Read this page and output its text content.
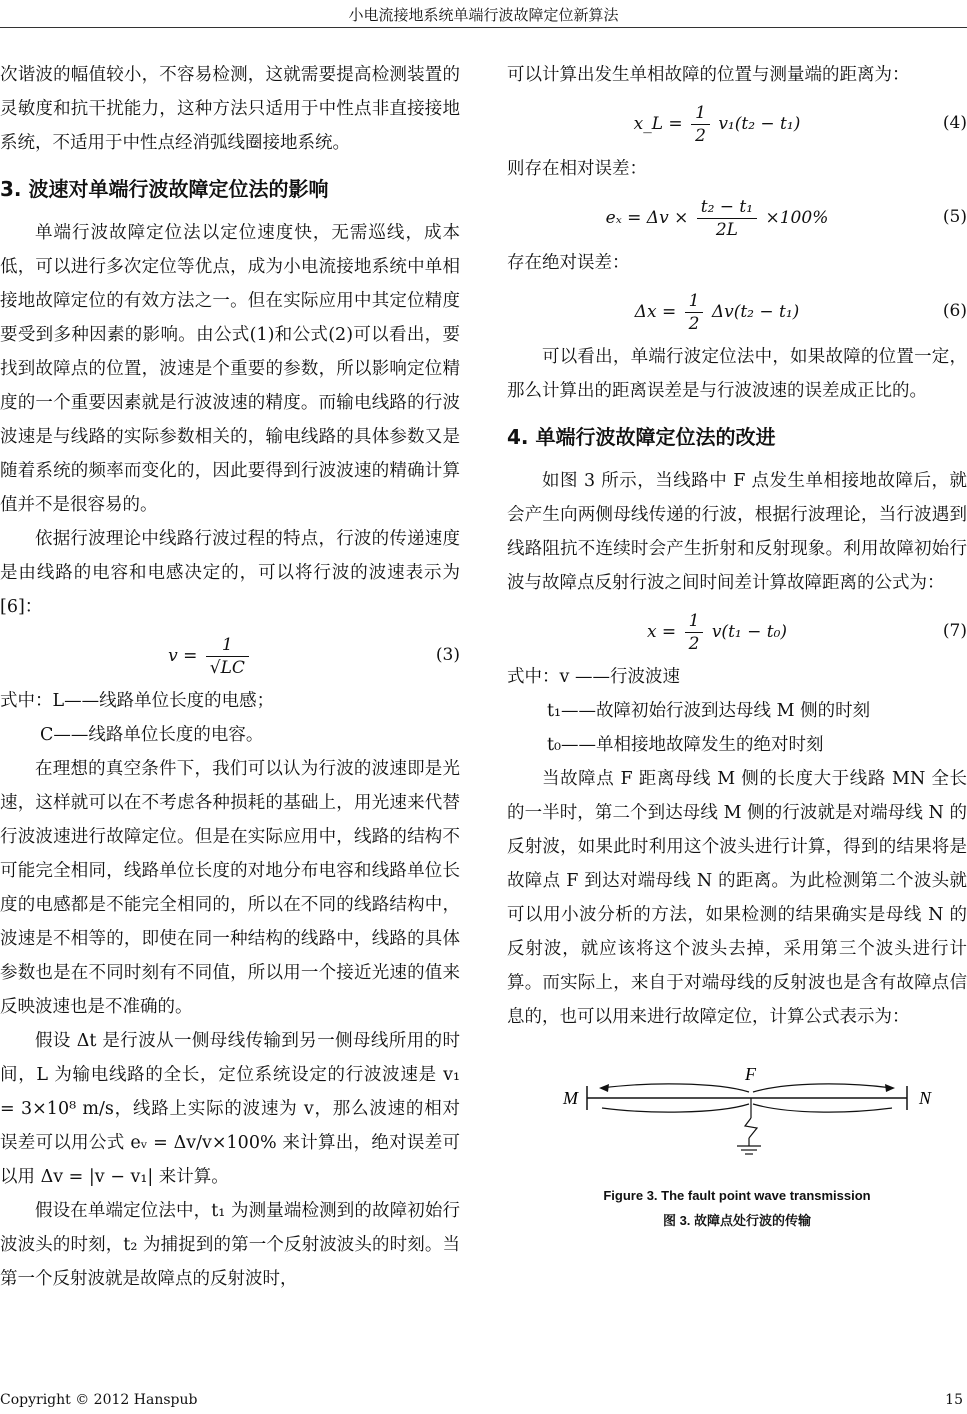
小电流接地系统单端行波故障定位新算法

次谐波的幅值较小，不容易检测，这就需要提高检测装置的灵敏度和抗干扰能力，这种方法只适用于中性点非直接接地系统，不适用于中性点经消弧线圈接地系统。

3. 波速对单端行波故障定位法的影响

单端行波故障定位法以定位速度快，无需巡线，成本低，可以进行多次定位等优点，成为小电流接地系统中单相接地故障定位的有效方法之一。但在实际应用中其定位精度要受到多种因素的影响。由公式(1)和公式(2)可以看出，要找到故障点的位置，波速是个重要的参数，所以影响定位精度的一个重要因素就是行波波速的精度。而输电线路的行波波速是与线路的实际参数相关的，输电线路的具体参数又是随着系统的频率而变化的，因此要得到行波波速的精确计算值并不是很容易的。

依据行波理论中线路行波过程的特点，行波的传递速度是由线路的电容和电感决定的，可以将行波的波速表示为[6]：

$v = \frac{1}{√LC}$	(3)

式中：L——线路单位长度的电感；

C——线路单位长度的电容。

在理想的真空条件下，我们可以认为行波的波速即是光速，这样就可以在不考虑各种损耗的基础上，用光速来代替行波波速进行故障定位。但是在实际应用中，线路的结构不可能完全相同，线路单位长度的对地分布电容和线路单位长度的电感都是不能完全相同的，所以在不同的线路结构中，波速是不相等的，即使在同一种结构的线路中，线路的具体参数也是在不同时刻有不同值，所以用一个接近光速的值来反映波速也是不准确的。

假设 Δt 是行波从一侧母线传输到另一侧母线所用的时间，L 为输电线路的全长，定位系统设定的行波波速是 v₁ = 3×10⁸ m/s，线路上实际的波速为 v，那么波速的相对误差可以用公式 eᵥ = Δv/v×100% 来计算出，绝对误差可以用 Δv = |v − v₁| 来计算。

假设在单端定位法中，t₁ 为测量端检测到的故障初始行波波头的时刻，t₂ 为捕捉到的第一个反射波波头的时刻。当第一个反射波就是故障点的反射波时，

可以计算出发生单相故障的位置与测量端的距离为：

x_L = $\frac{1}{2} v_1(t_2 - t_1)$	(4)

则存在相对误差：

$e_x = \Delta v \times \frac{\text{t₂ − t₁}}{2L} \times 100\%$	(5)

存在绝对误差：

$\Delta x = \frac{1}{2} \Delta v(t_2 - t_1)$	(6)

可以看出，单端行波定位法中，如果故障的位置一定，那么计算出的距离误差是与行波波速的误差成正比的。

4. 单端行波故障定位法的改进

如图 3 所示，当线路中 F 点发生单相接地故障后，就会产生向两侧母线传递的行波，根据行波理论，当行波遇到线路阻抗不连续时会产生折射和反射现象。利用故障初始行波与故障点反射行波之间时间差计算故障距离的公式为：

$x = \frac{1}{2} v(t_1 - t_0)$	(7)

式中：v ——行波波速

t₁——故障初始行波到达母线 M 侧的时刻

t₀——单相接地故障发生的绝对时刻

当故障点 F 距离母线 M 侧的长度大于线路 MN 全长的一半时，第二个到达母线 M 侧的行波就是对端母线 N 的反射波，如果此时利用这个波头进行计算，得到的结果将是故障点 F 到达对端母线 N 的距离。为此检测第二个波头就可以用小波分析的方法，如果检测的结果确实是母线 N 的反射波，就应该将这个波头去掉，采用第三个波头进行计算。而实际上，来自于对端母线的反射波也是含有故障点信息的，也可以用来进行故障定位，计算公式表示为：

M
F
N
Figure 3. The fault point wave transmission
图 3. 故障点处行波的传输
Copyright © 2012 Hanspub	15
